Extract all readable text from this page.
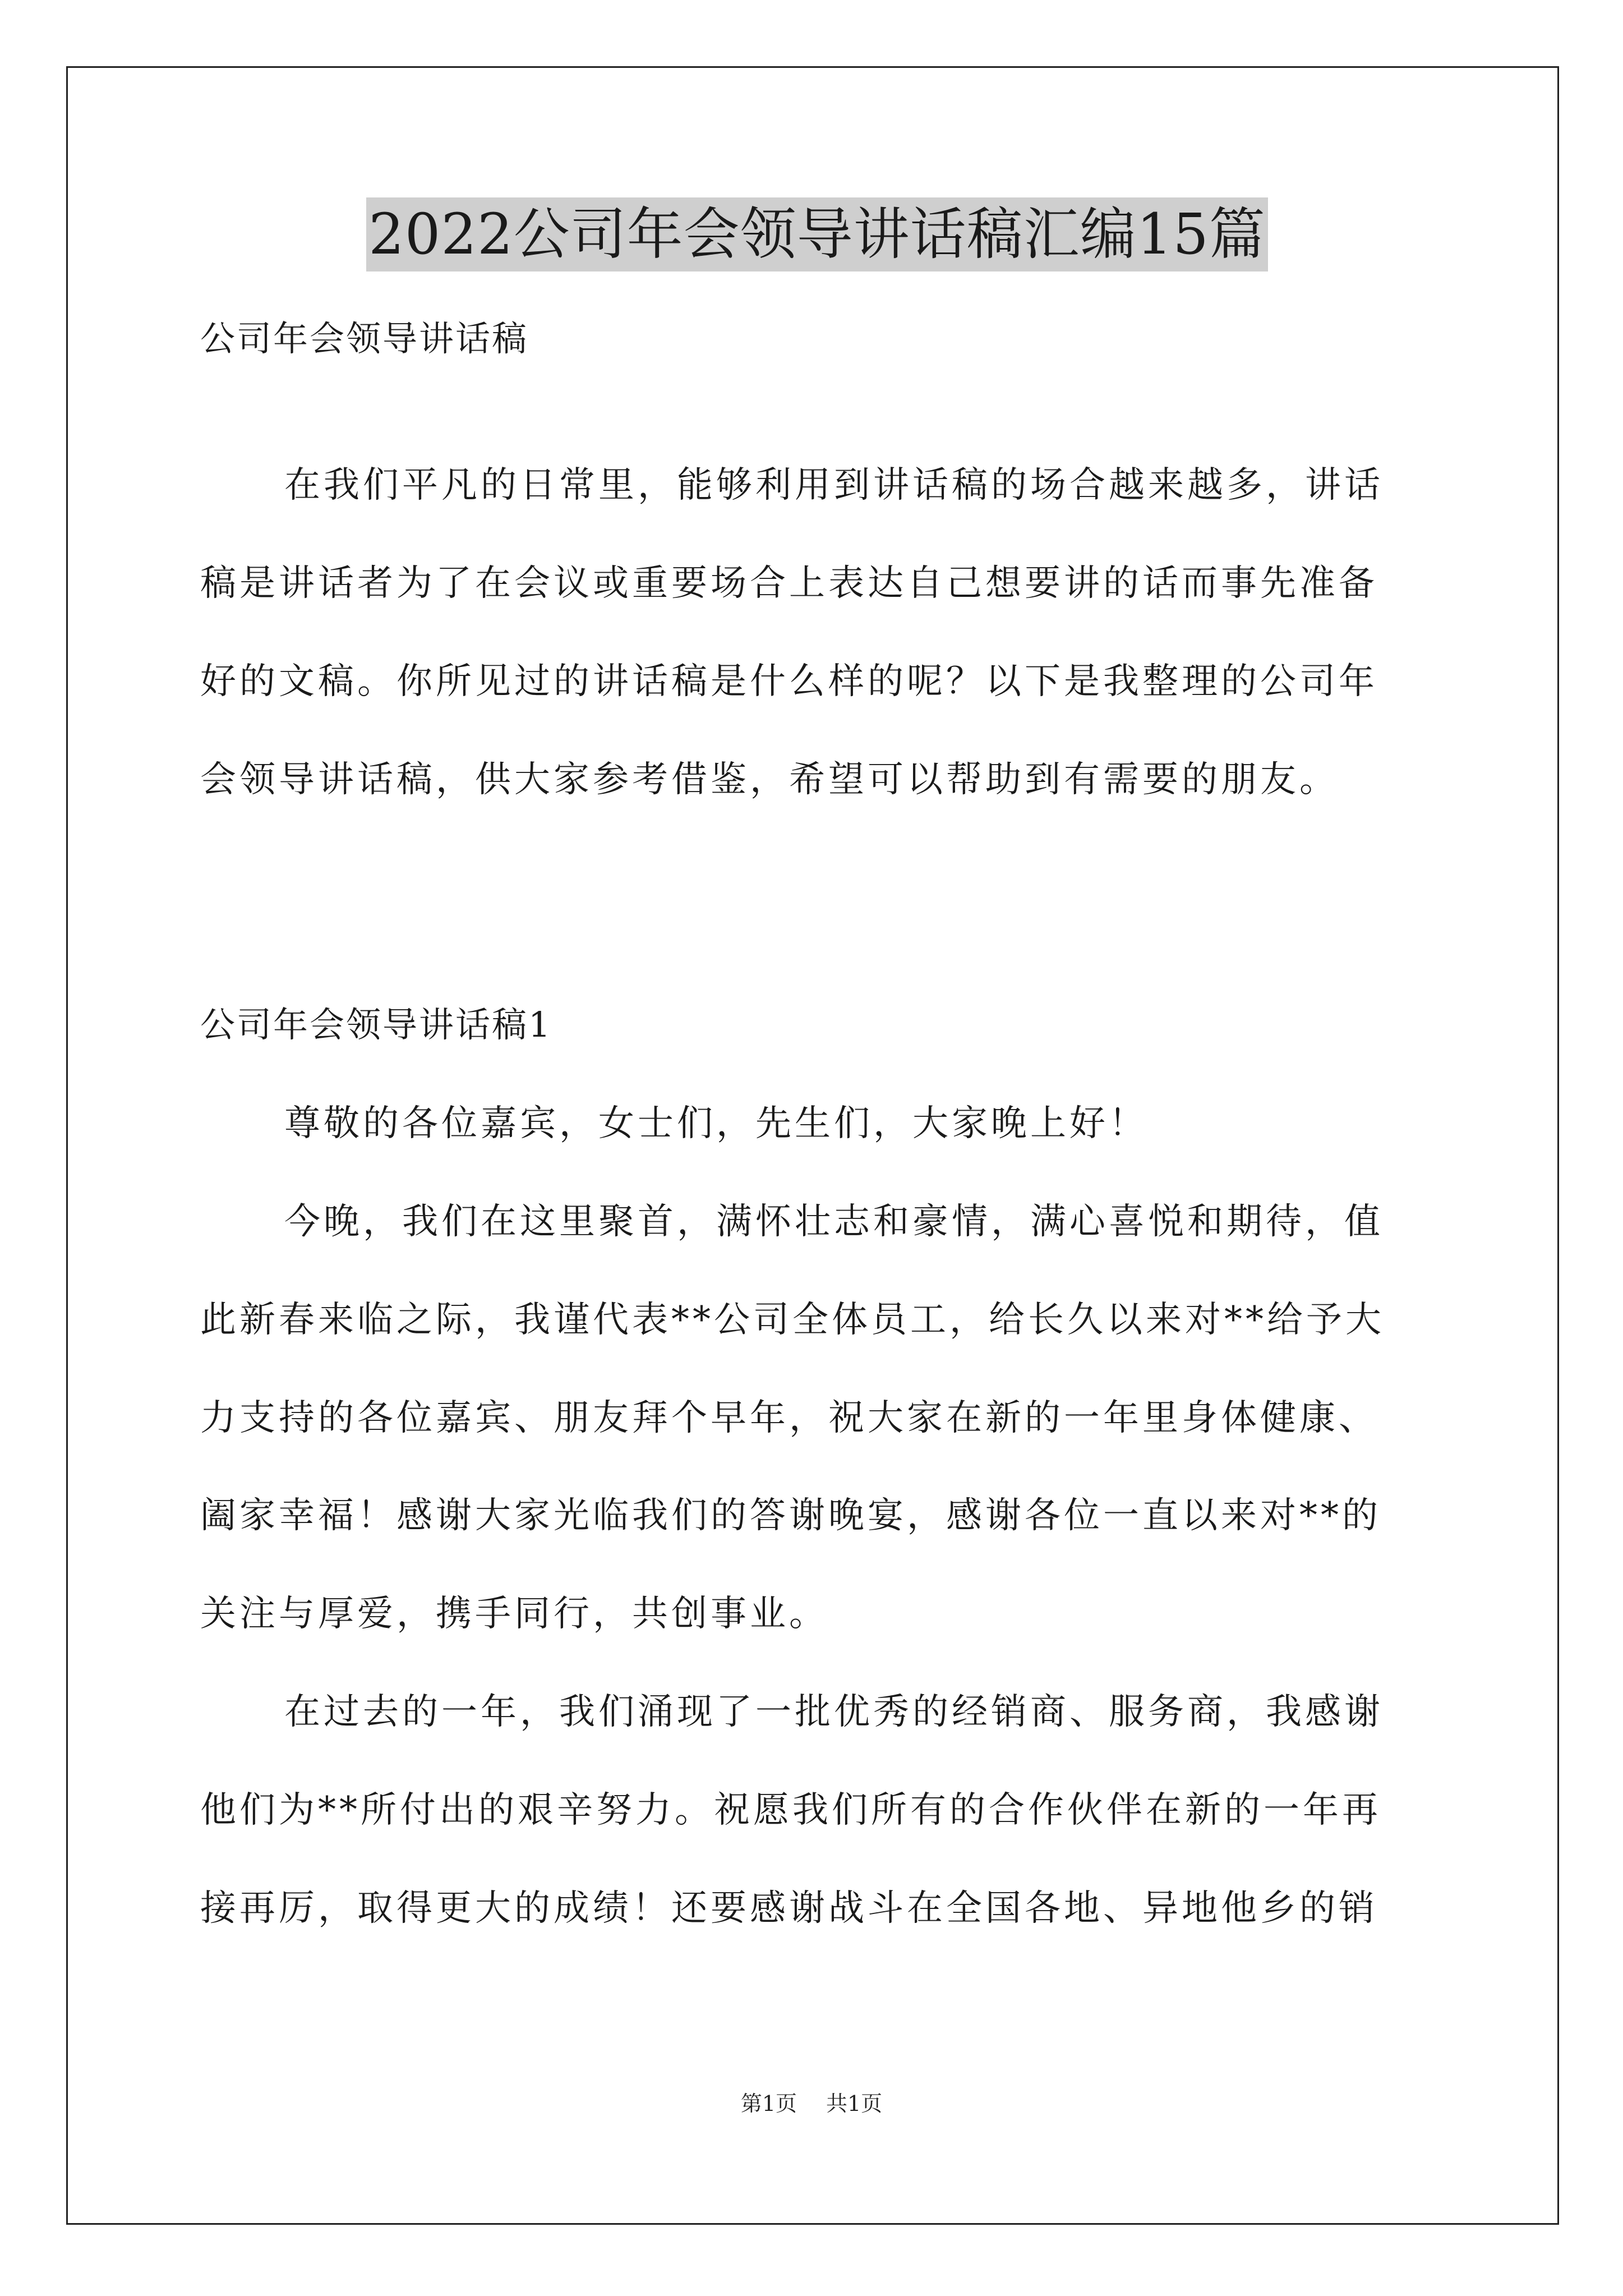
2022公司年会领导讲话稿汇编15篇
公司年会领导讲话稿
在我们平凡的日常里，能够利用到讲话稿的场合越来越多，讲话
稿是讲话者为了在会议或重要场合上表达自己想要讲的话而事先准备
好的文稿。你所见过的讲话稿是什么样的呢？以下是我整理的公司年
会领导讲话稿，供大家参考借鉴，希望可以帮助到有需要的朋友。
公司年会领导讲话稿1
尊敬的各位嘉宾，女士们，先生们，大家晚上好！
今晚，我们在这里聚首，满怀壮志和豪情，满心喜悦和期待，值
此新春来临之际，我谨代表**公司全体员工，给长久以来对**给予大
力支持的各位嘉宾、朋友拜个早年，祝大家在新的一年里身体健康、
阖家幸福！感谢大家光临我们的答谢晚宴，感谢各位一直以来对**的
关注与厚爱，携手同行，共创事业。
在过去的一年，我们涌现了一批优秀的经销商、服务商，我感谢
他们为**所付出的艰辛努力。祝愿我们所有的合作伙伴在新的一年再
接再厉，取得更大的成绩！还要感谢战斗在全国各地、异地他乡的销
第1页 共1页
